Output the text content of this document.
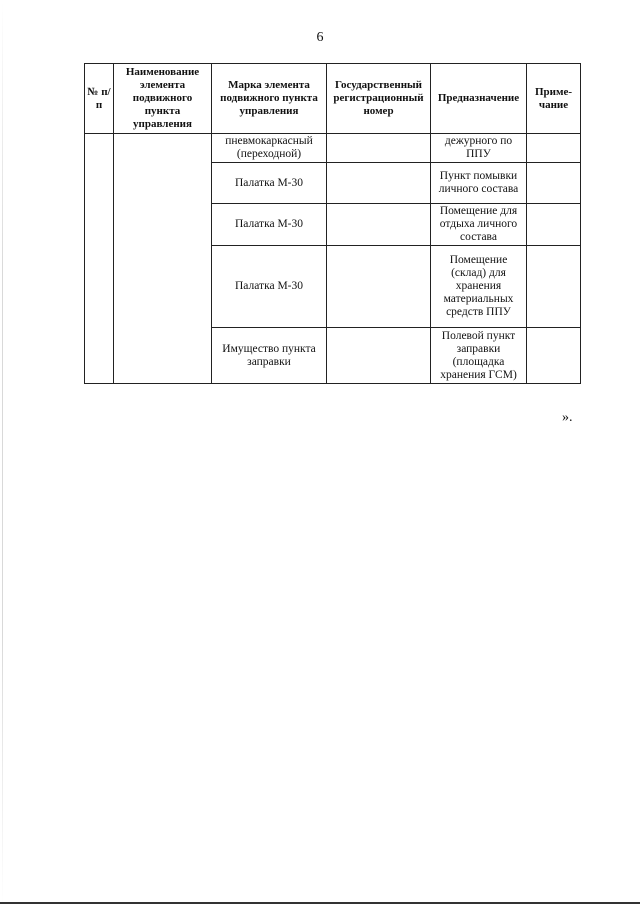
6
№ п/п	Наименование элемента подвижного пункта управления	Марка элемента подвижного пункта управления	Государственный регистрационный номер	Предназначение	Приме-чание
		пневмокаркасный (переходной)		дежурного по ППУ	
		Палатка М-30		Пункт помывки личного состава	
		Палатка М-30		Помещение для отдыха личного состава	
		Палатка М-30		Помещение (склад) для хранения материальных средств ППУ	
		Имущество пункта заправки		Полевой пункт заправки (площадка хранения ГСМ)	
».
